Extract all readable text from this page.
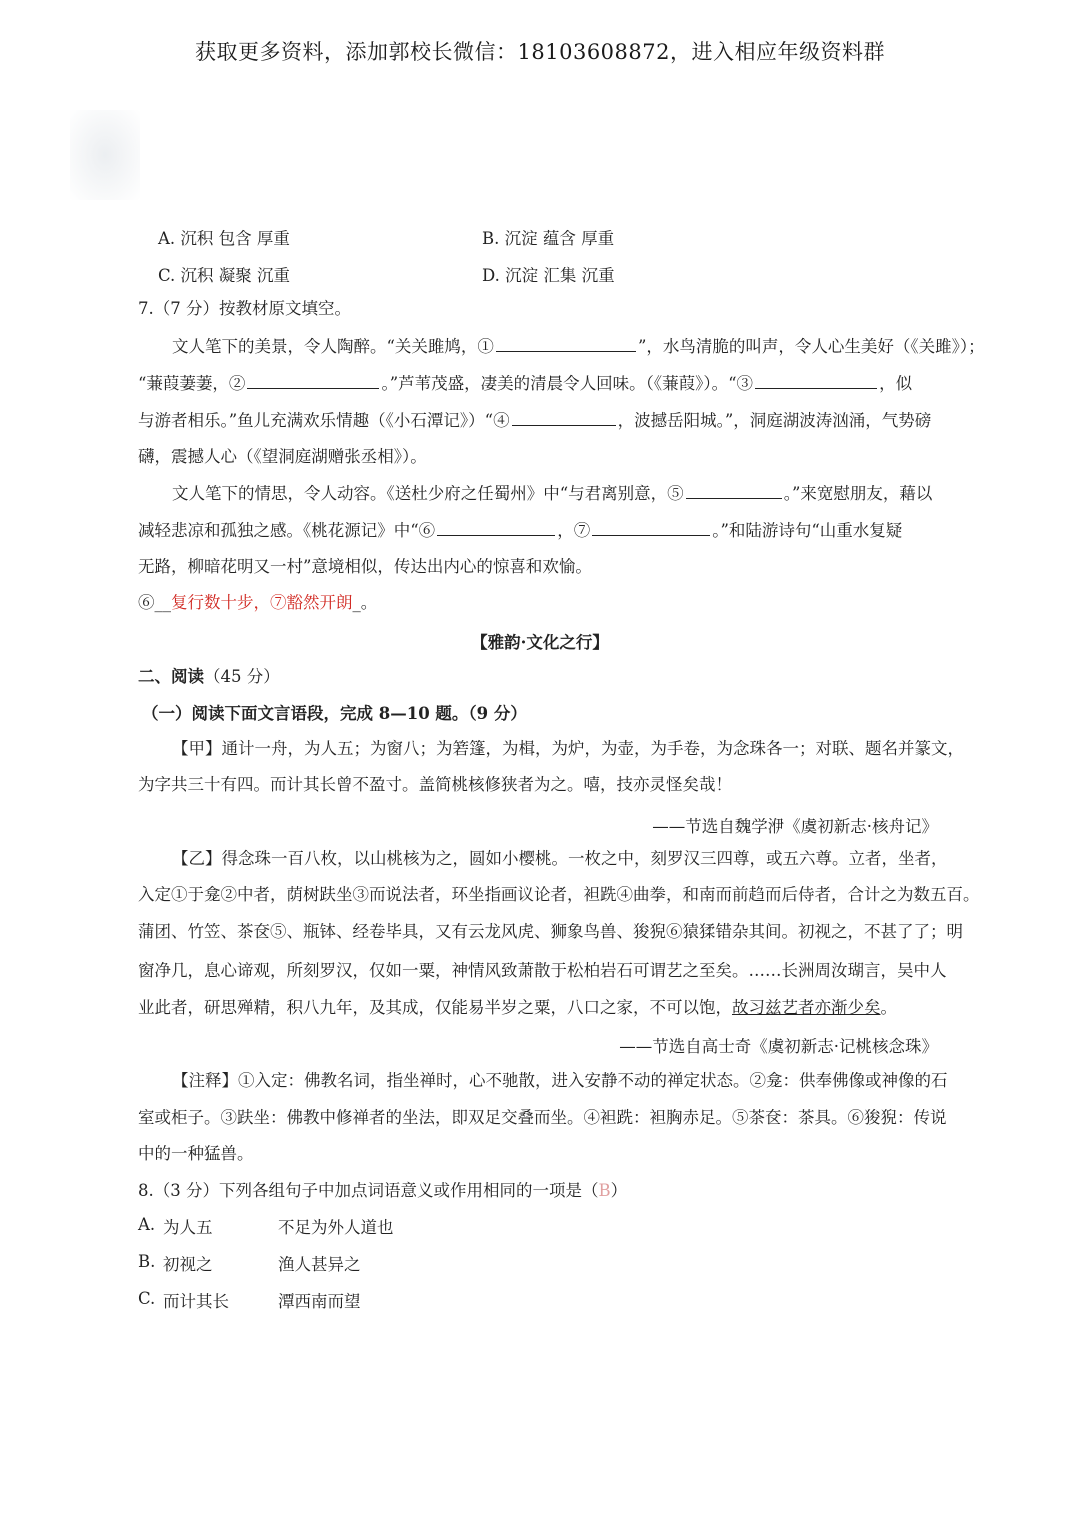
获取更多资料，添加郭校长微信：18103608872，进入相应年级资料群
A. 沉积 包含 厚重	B. 沉淀 蕴含 厚重
C. 沉积 凝聚 沉重	D. 沉淀 汇集 沉重
7.（7 分）按教材原文填空。
文人笔下的美景，令人陶醉。“关关雎鸠，①	”，水鸟清脆的叫声，令人心生美好（《关雎》）；
“蒹葭萋萋，②	。”芦苇茂盛，凄美的清晨令人回味。（《蒹葭》）。“③	，似
与游者相乐。”鱼儿充满欢乐情趣（《小石潭记》）“④	，波撼岳阳城。”，洞庭湖波涛汹涌，气势磅
礴，震撼人心（《望洞庭湖赠张丞相》）。
文人笔下的情思，令人动容。《送杜少府之任蜀州》中“与君离别意，⑤	。”来宽慰朋友，藉以
减轻悲凉和孤独之感。《桃花源记》中“⑥	，⑦	。”和陆游诗句“山重水复疑
无路，柳暗花明又一村”意境相似，传达出内心的惊喜和欢愉。
⑥__复行数十步，⑦豁然开朗_。
【雅韵·文化之行】
二、阅读（45 分）
（一）阅读下面文言语段，完成 8—10 题。（9 分）
【甲】通计一舟，为人五；为窗八；为箬篷，为楫，为炉，为壶，为手卷，为念珠各一；对联、题名并篆文，
为字共三十有四。而计其长曾不盈寸。盖简桃核修狭者为之。嘻，技亦灵怪矣哉！
——节选自魏学洢《虞初新志·核舟记》
【乙】得念珠一百八枚，以山桃核为之，圆如小樱桃。一枚之中，刻罗汉三四尊，或五六尊。立者，坐者，
入定①于龛②中者，荫树趺坐③而说法者，环坐指画议论者，袒跣④曲拳，和南而前趋而后侍者，合计之为数五百。
蒲团、竹笠、茶奁⑤、瓶钵、经卷毕具，又有云龙风虎、狮象鸟兽、狻猊⑥猿猱错杂其间。初视之，不甚了了；明
窗净几，息心谛观，所刻罗汉，仅如一粟，神情风致萧散于松柏岩石可谓艺之至矣。……长洲周汝瑚言，吴中人
业此者，研思殚精，积八九年，及其成，仅能易半岁之粟，八口之家，不可以饱，故习兹艺者亦渐少矣。
——节选自高士奇《虞初新志·记桃核念珠》
【注释】①入定：佛教名词，指坐禅时，心不驰散，进入安静不动的禅定状态。②龛：供奉佛像或神像的石
室或柜子。③趺坐：佛教中修禅者的坐法，即双足交叠而坐。④袒跣：袒胸赤足。⑤茶奁：茶具。⑥狻猊：传说
中的一种猛兽。
8.（3 分）下列各组句子中加点词语意义或作用相同的一项是（B）
A. 为人五	不足为外人道也
B. 初视之	渔人甚异之
C. 而计其长	潭西南而望
